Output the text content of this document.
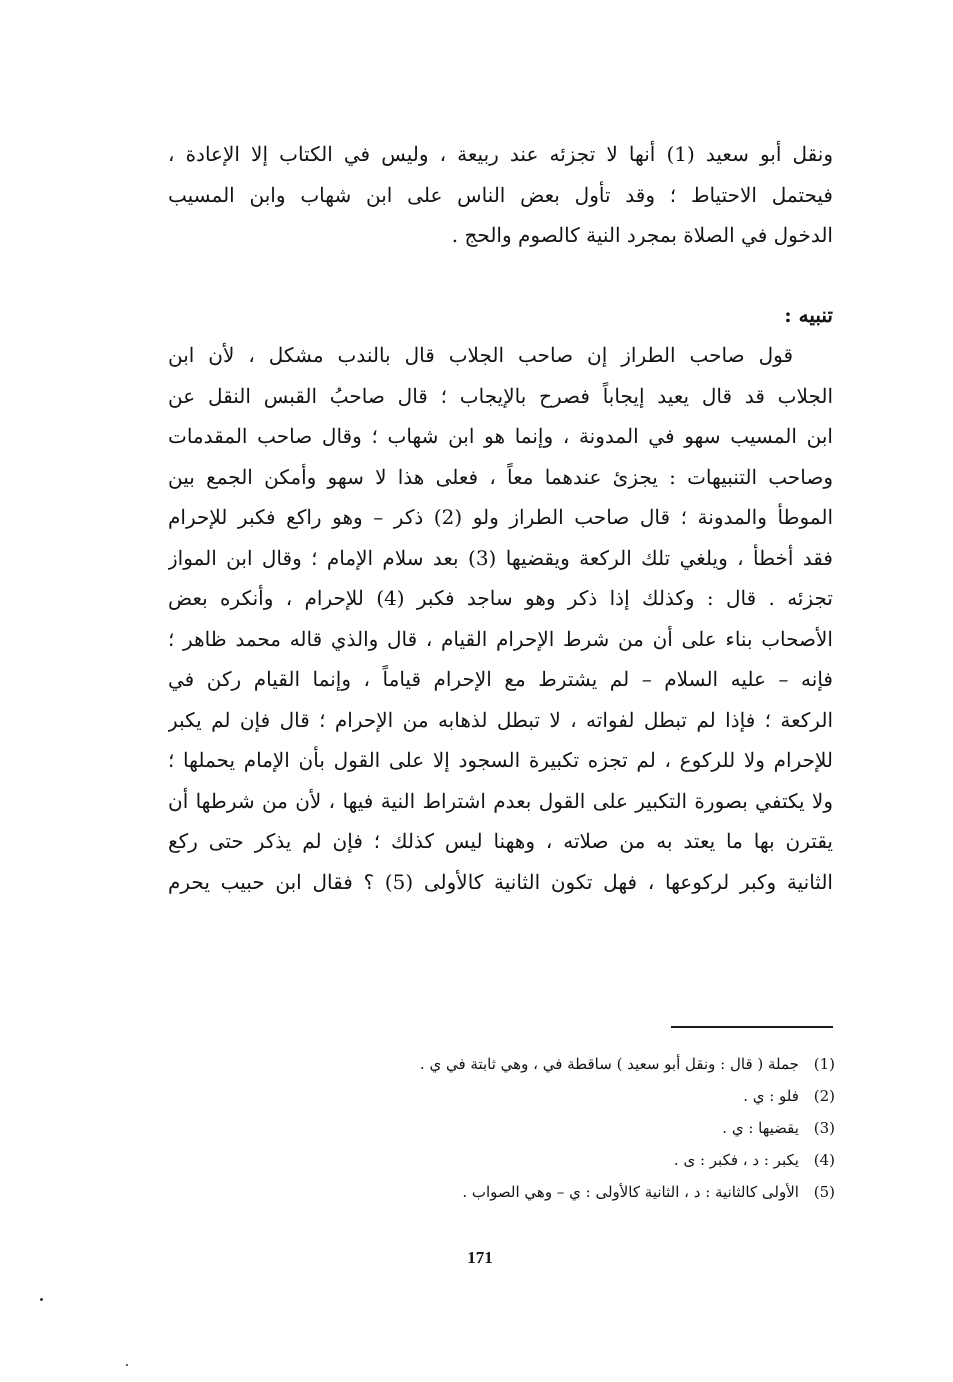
ونقل أبو سعيد (1) أنها لا تجزئه عند ربيعة ، وليس في الكتاب إلا الإعادة ،
فيحتمل الاحتياط ؛ وقد تأول بعض الناس على ابن شهاب وابن المسيب
الدخول في الصلاة بمجرد النية كالصوم والحج .
تنبيه :
قول صاحب الطراز إن صاحب الجلاب قال بالندب مشكل ، لأن ابن
الجلاب قد قال يعيد إيجاباً فصرح بالإيجاب ؛ قال صاحبُ القبس النقل عن
ابن المسيب سهو في المدونة ، وإنما هو ابن شهاب ؛ وقال صاحب المقدمات
وصاحب التنبيهات : يجزئ عندهما معاً ، فعلى هذا لا سهو وأمكن الجمع بين
الموطأ والمدونة ؛ قال صاحب الطراز ولو (2) ذكر – وهو راكع فكبر للإحرام
فقد أخطأ ، ويلغي تلك الركعة ويقضيها (3) بعد سلام الإمام ؛ وقال ابن المواز
تجزئه . قال : وكذلك إذا ذكر وهو ساجد فكبر (4) للإحرام ، وأنكره بعض
الأصحاب بناء على أن من شرط الإحرام القيام ، قال والذي قاله محمد ظاهر ؛
فإنه – عليه السلام – لم يشترط مع الإحرام قياماً ، وإنما القيام ركن في
الركعة ؛ فإذا لم تبطل لفواته ، لا تبطل لذهابه من الإحرام ؛ قال فإن لم يكبر
للإحرام ولا للركوع ، لم تجزه تكبيرة السجود إلا على القول بأن الإمام يحملها ؛
ولا يكتفي بصورة التكبير على القول بعدم اشتراط النية فيها ، لأن من شرطها أن
يقترن بها ما يعتد به من صلاته ، وههنا ليس كذلك ؛ فإن لم يذكر حتى ركع
الثانية وكبر لركوعها ، فهل تكون الثانية كالأولى (5) ؟ فقال ابن حبيب يحرم
(1) جملة ( قال : ونقل أبو سعيد ) ساقطة في ، وهي ثابتة في ي .
(2) فلو : ي .
(3) يقضيها : ي .
(4) يكبر : د ، فكبر : ى .
(5) الأولى كالثانية : د ، الثانية كالأولى : ي – وهي الصواب .
171
